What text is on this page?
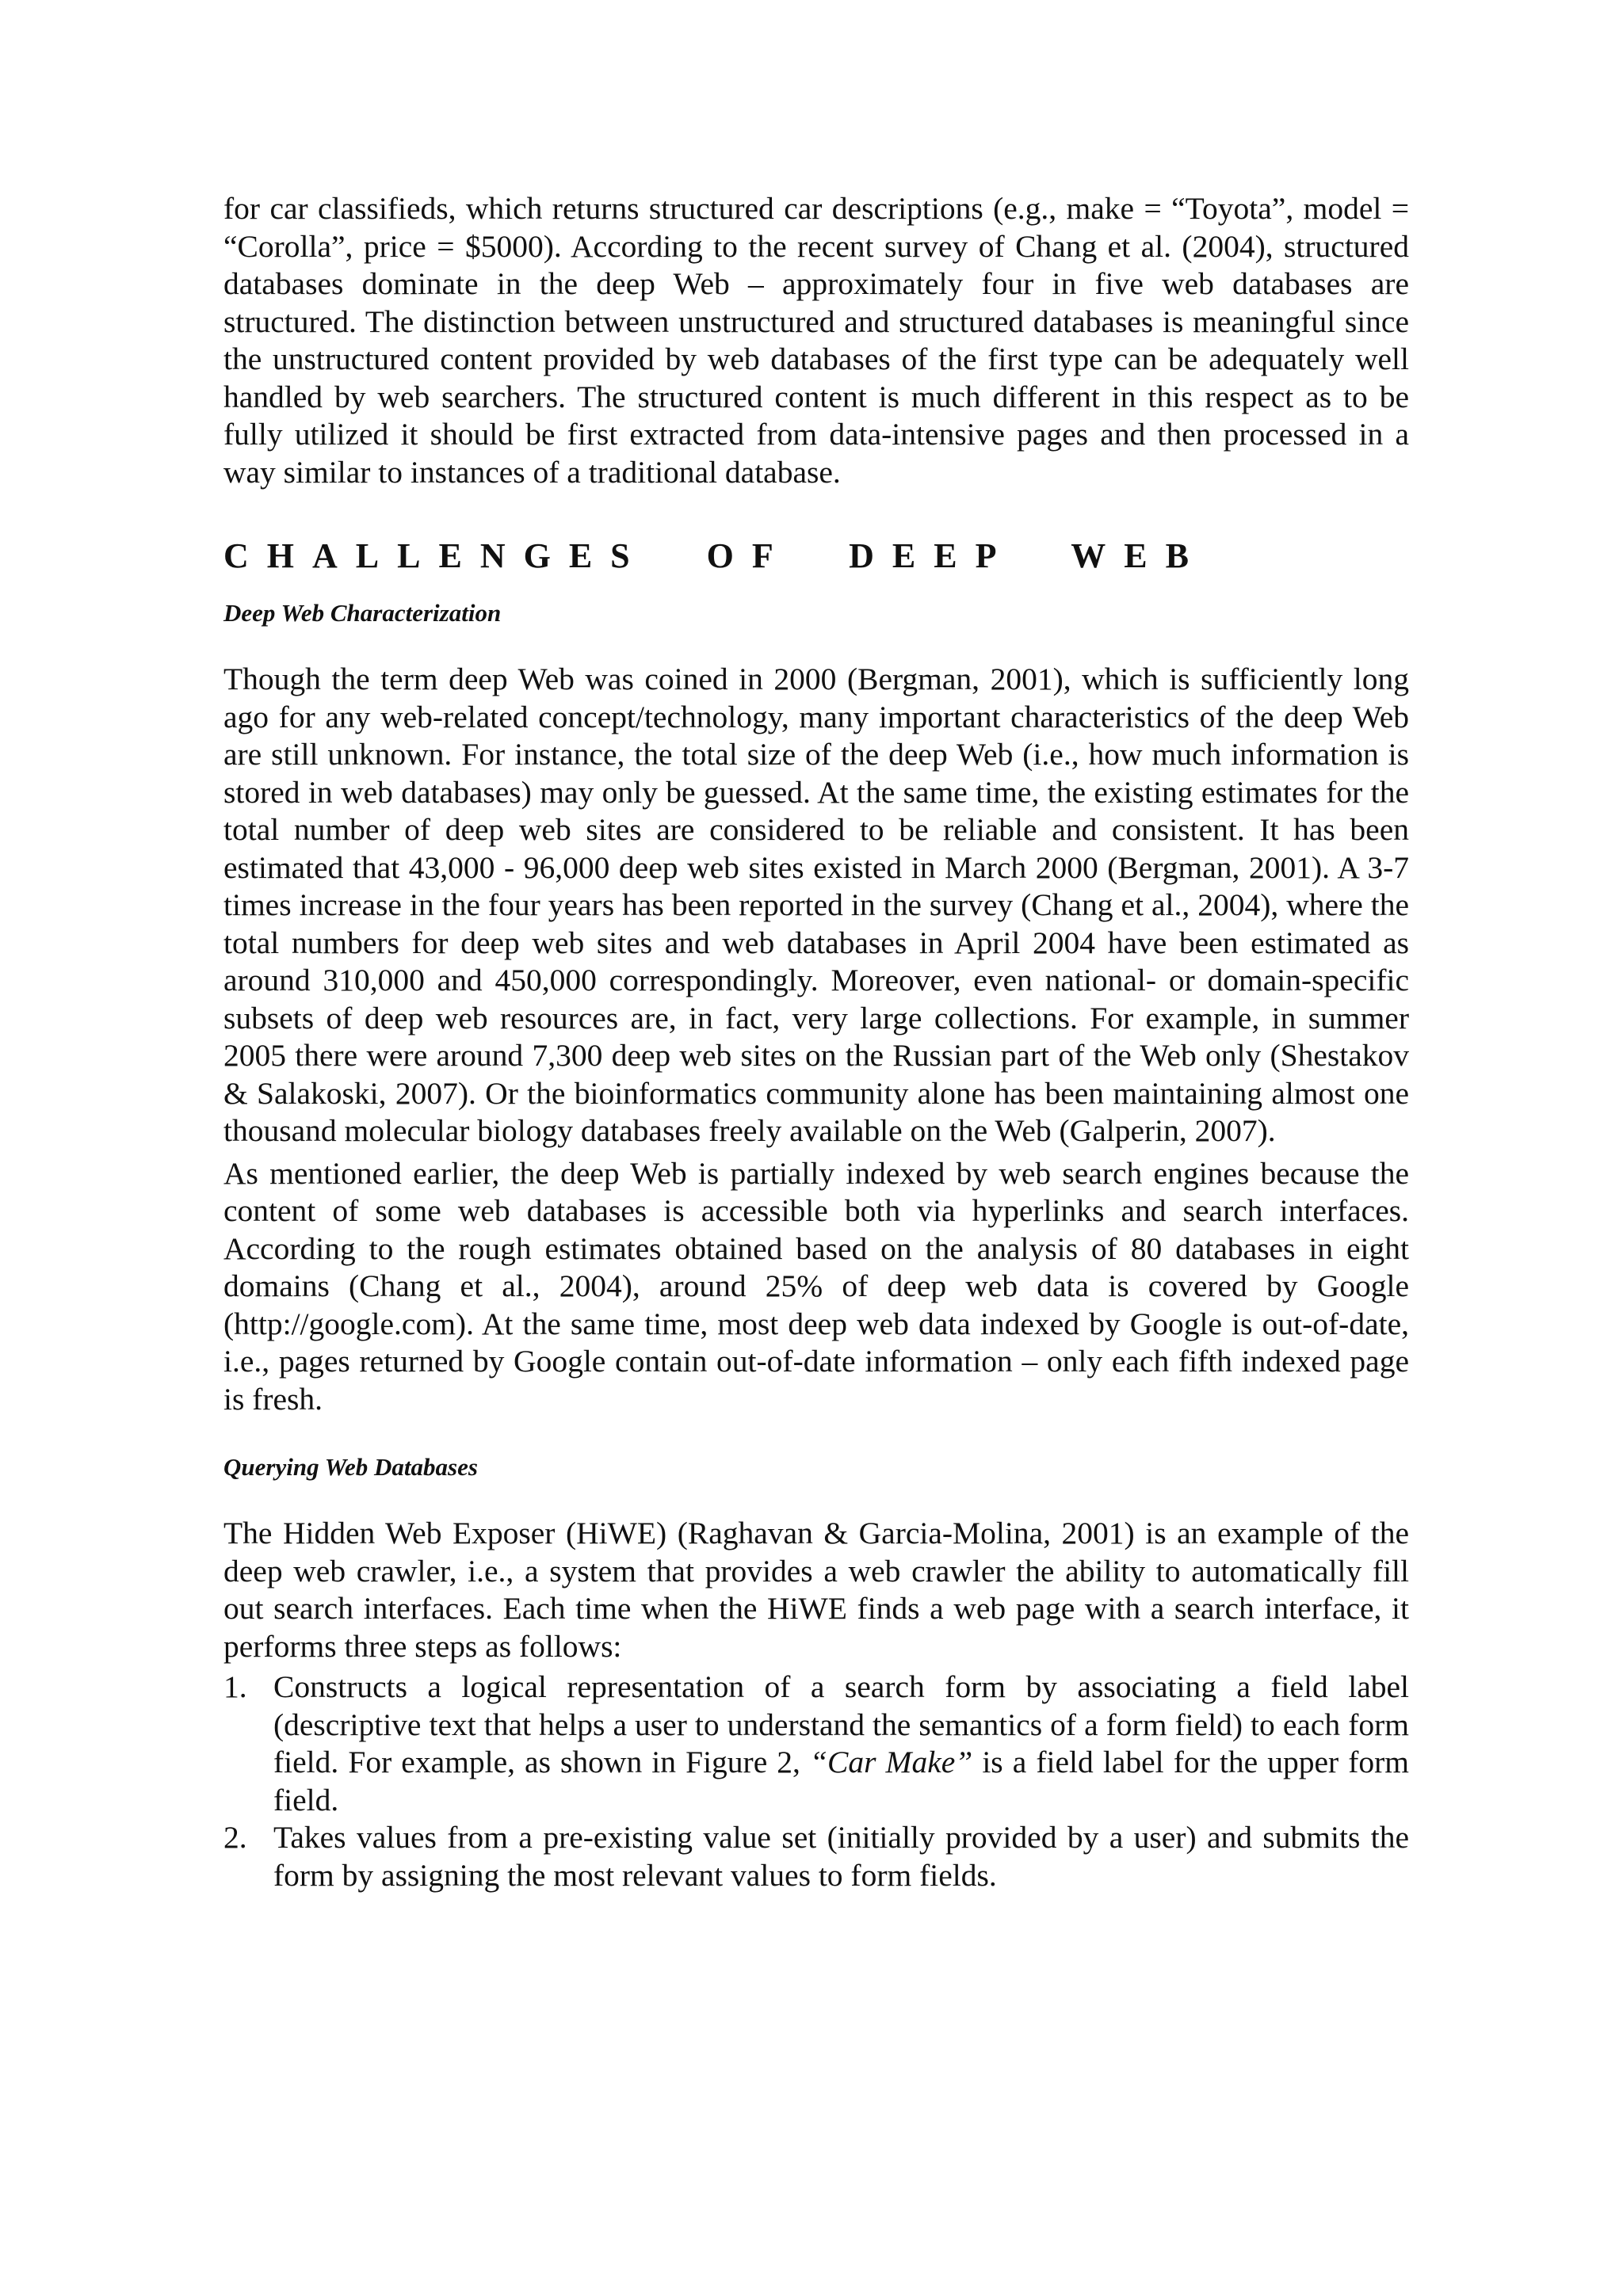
for car classifieds, which returns structured car descriptions (e.g., make = “Toyota”, model = “Corolla”, price = $5000). According to the recent survey of Chang et al. (2004), structured databases dominate in the deep Web – approximately four in five web databases are structured. The distinction between unstructured and structured databases is meaningful since the unstructured content provided by web databases of the first type can be adequately well handled by web searchers. The structured content is much different in this respect as to be fully utilized it should be first extracted from data-intensive pages and then processed in a way similar to instances of a traditional database.

CHALLENGES OF DEEP WEB
Deep Web Characterization

Though the term deep Web was coined in 2000 (Bergman, 2001), which is sufficiently long ago for any web-related concept/technology, many important characteristics of the deep Web are still unknown. For instance, the total size of the deep Web (i.e., how much information is stored in web databases) may only be guessed. At the same time, the existing estimates for the total number of deep web sites are considered to be reliable and consistent. It has been estimated that 43,000 - 96,000 deep web sites existed in March 2000 (Bergman, 2001). A 3-7 times increase in the four years has been reported in the survey (Chang et al., 2004), where the total numbers for deep web sites and web databases in April 2004 have been estimated as around 310,000 and 450,000 correspondingly. Moreover, even national- or domain-specific subsets of deep web resources are, in fact, very large collections. For example, in summer 2005 there were around 7,300 deep web sites on the Russian part of the Web only (Shestakov & Salakoski, 2007). Or the bioinformatics community alone has been maintaining almost one thousand molecular biology databases freely available on the Web (Galperin, 2007).

As mentioned earlier, the deep Web is partially indexed by web search engines because the content of some web databases is accessible both via hyperlinks and search interfaces. According to the rough estimates obtained based on the analysis of 80 databases in eight domains (Chang et al., 2004), around 25% of deep web data is covered by Google (http://google.com). At the same time, most deep web data indexed by Google is out-of-date, i.e., pages returned by Google contain out-of-date information – only each fifth indexed page is fresh.

Querying Web Databases

The Hidden Web Exposer (HiWE) (Raghavan & Garcia-Molina, 2001) is an example of the deep web crawler, i.e., a system that provides a web crawler the ability to automatically fill out search interfaces. Each time when the HiWE finds a web page with a search interface, it performs three steps as follows:

1. Constructs a logical representation of a search form by associating a field label (descriptive text that helps a user to understand the semantics of a form field) to each form field. For example, as shown in Figure 2, “Car Make” is a field label for the upper form field.
2. Takes values from a pre-existing value set (initially provided by a user) and submits the form by assigning the most relevant values to form fields.
